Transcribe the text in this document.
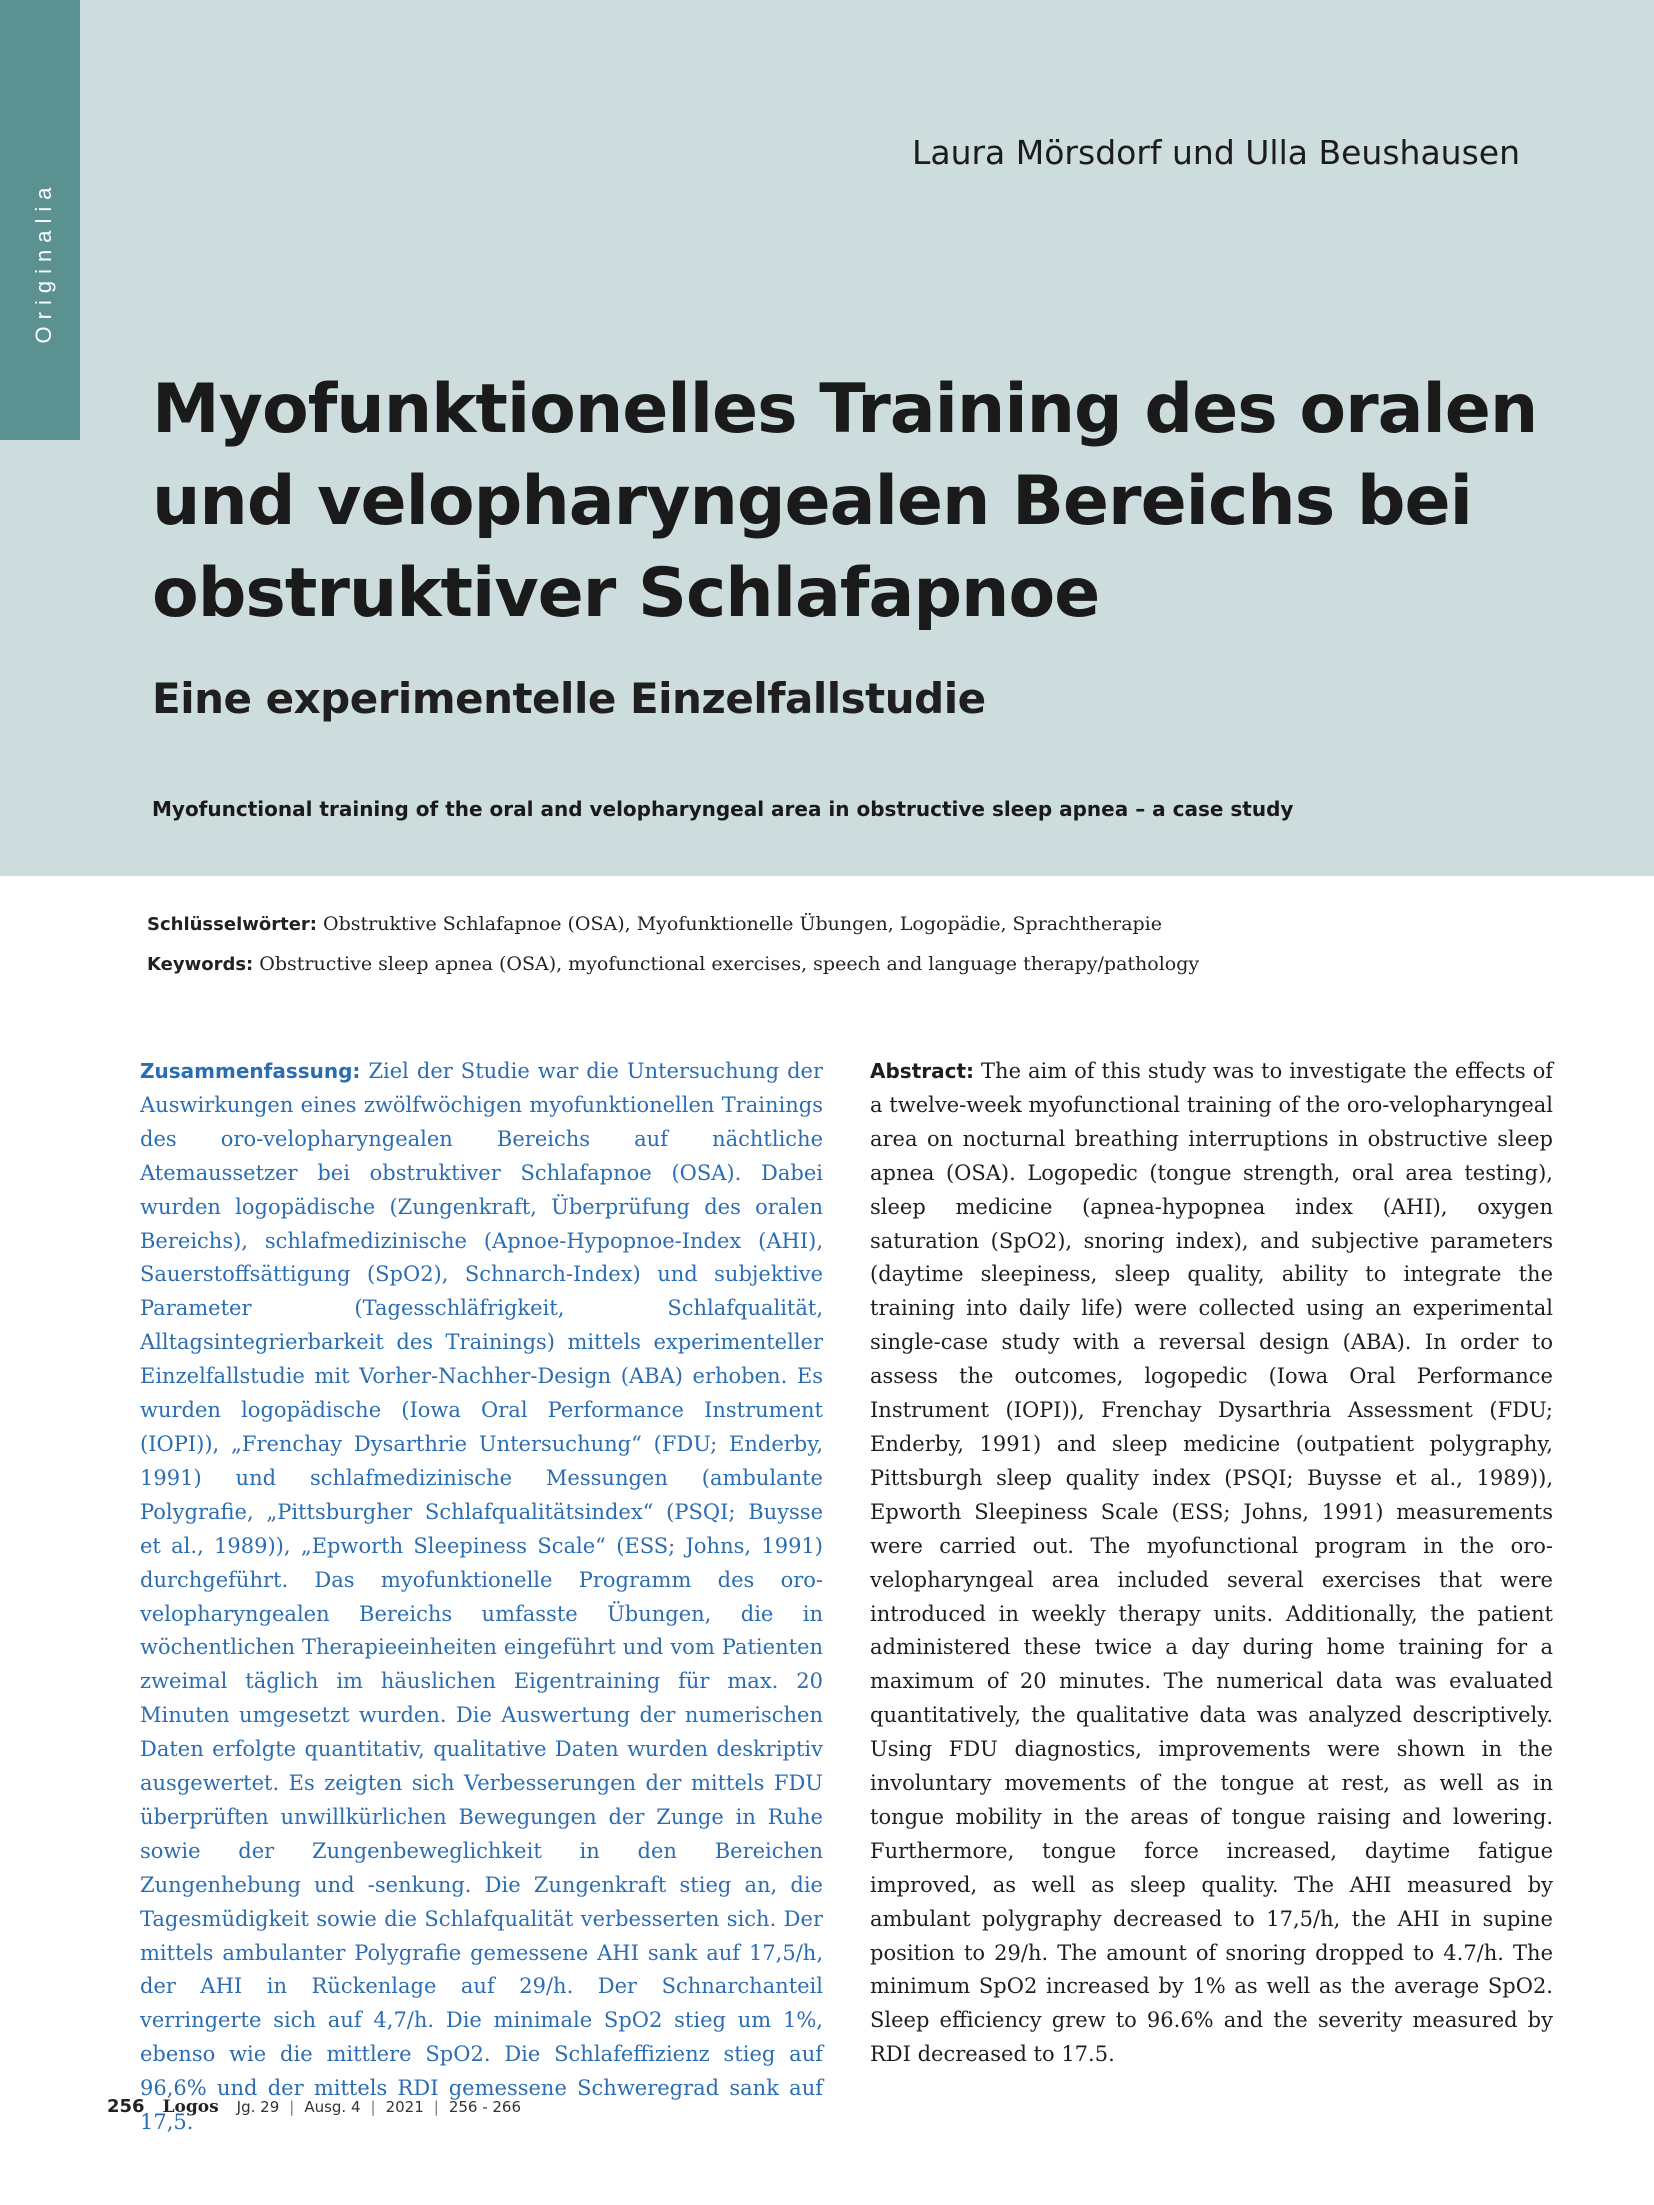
Originalia
Laura Mörsdorf und Ulla Beushausen
Myofunktionelles Training des oralen
und velopharyngealen Bereichs bei
obstruktiver Schlafapnoe
Eine experimentelle Einzelfallstudie
Myofunctional training of the oral and velopharyngeal area in obstructive sleep apnea – a case study
Schlüsselwörter: Obstruktive Schlafapnoe (OSA), Myofunktionelle Übungen, Logopädie, Sprachtherapie
Keywords: Obstructive sleep apnea (OSA), myofunctional exercises, speech and language therapy/pathology
Zusammenfassung: Ziel der Studie war die Untersuchung der Auswirkungen eines zwölfwöchigen myofunktionellen Trainings des oro-velopharyngealen Bereichs auf nächtliche Atemaussetzer bei obstruktiver Schlafapnoe (OSA). Dabei wurden logopädische (Zungenkraft, Überprüfung des oralen Bereichs), schlafmedizinische (Apnoe-Hypopnoe-Index (AHI), Sauerstoffsättigung (SpO2), Schnarch-Index) und subjektive Parameter (Tagesschläfrigkeit, Schlafqualität, Alltagsintegrierbarkeit des Trainings) mittels experimenteller Einzelfallstudie mit Vorher-Nachher-Design (ABA) erhoben. Es wurden logopädische (Iowa Oral Performance Instrument (IOPI)), „Frenchay Dysarthrie Untersuchung“ (FDU; Enderby, 1991) und schlafmedizinische Messungen (ambulante Polygrafie, „Pittsburgher Schlafqualitätsindex“ (PSQI; Buysse et al., 1989)), „Epworth Sleepiness Scale“ (ESS; Johns, 1991) durchgeführt. Das myofunktionelle Programm des oro-velopharyngealen Bereichs umfasste Übungen, die in wöchentlichen Therapieeinheiten eingeführt und vom Patienten zweimal täglich im häuslichen Eigentraining für max. 20 Minuten umgesetzt wurden. Die Auswertung der numerischen Daten erfolgte quantitativ, qualitative Daten wurden deskriptiv ausgewertet. Es zeigten sich Verbesserungen der mittels FDU überprüften unwillkürlichen Bewegungen der Zunge in Ruhe sowie der Zungenbeweglichkeit in den Bereichen Zungenhebung und -senkung. Die Zungenkraft stieg an, die Tagesmüdigkeit sowie die Schlafqualität verbesserten sich. Der mittels ambulanter Polygrafie gemessene AHI sank auf 17,5/h, der AHI in Rückenlage auf 29/h. Der Schnarchanteil verringerte sich auf 4,7/h. Die minimale SpO2 stieg um 1%, ebenso wie die mittlere SpO2. Die Schlafeffizienz stieg auf 96,6% und der mittels RDI gemessene Schweregrad sank auf 17,5.
Abstract: The aim of this study was to investigate the effects of a twelve-week myofunctional training of the oro-velopharyngeal area on nocturnal breathing interruptions in obstructive sleep apnea (OSA). Logopedic (tongue strength, oral area testing), sleep medicine (apnea-hypopnea index (AHI), oxygen saturation (SpO2), snoring index), and subjective parameters (daytime sleepiness, sleep quality, ability to integrate the training into daily life) were collected using an experimental single-case study with a reversal design (ABA). In order to assess the outcomes, logopedic (Iowa Oral Performance Instrument (IOPI)), Frenchay Dysarthria Assessment (FDU; Enderby, 1991) and sleep medicine (outpatient polygraphy, Pittsburgh sleep quality index (PSQI; Buysse et al., 1989)), Epworth Sleepiness Scale (ESS; Johns, 1991) measurements were carried out. The myofunctional program in the oro-velopharyngeal area included several exercises that were introduced in weekly therapy units. Additionally, the patient administered these twice a day during home training for a maximum of 20 minutes. The numerical data was evaluated quantitatively, the qualitative data was analyzed descriptively. Using FDU diagnostics, improvements were shown in the involuntary movements of the tongue at rest, as well as in tongue mobility in the areas of tongue raising and lowering. Furthermore, tongue force increased, daytime fatigue improved, as well as sleep quality. The AHI measured by ambulant polygraphy decreased to 17,5/h, the AHI in supine position to 29/h. The amount of snoring dropped to 4.7/h. The minimum SpO2 increased by 1% as well as the average SpO2. Sleep efficiency grew to 96.6% and the severity measured by RDI decreased to 17.5.
256 Logos Jg. 29 | Ausg. 4 | 2021 | 256 - 266
